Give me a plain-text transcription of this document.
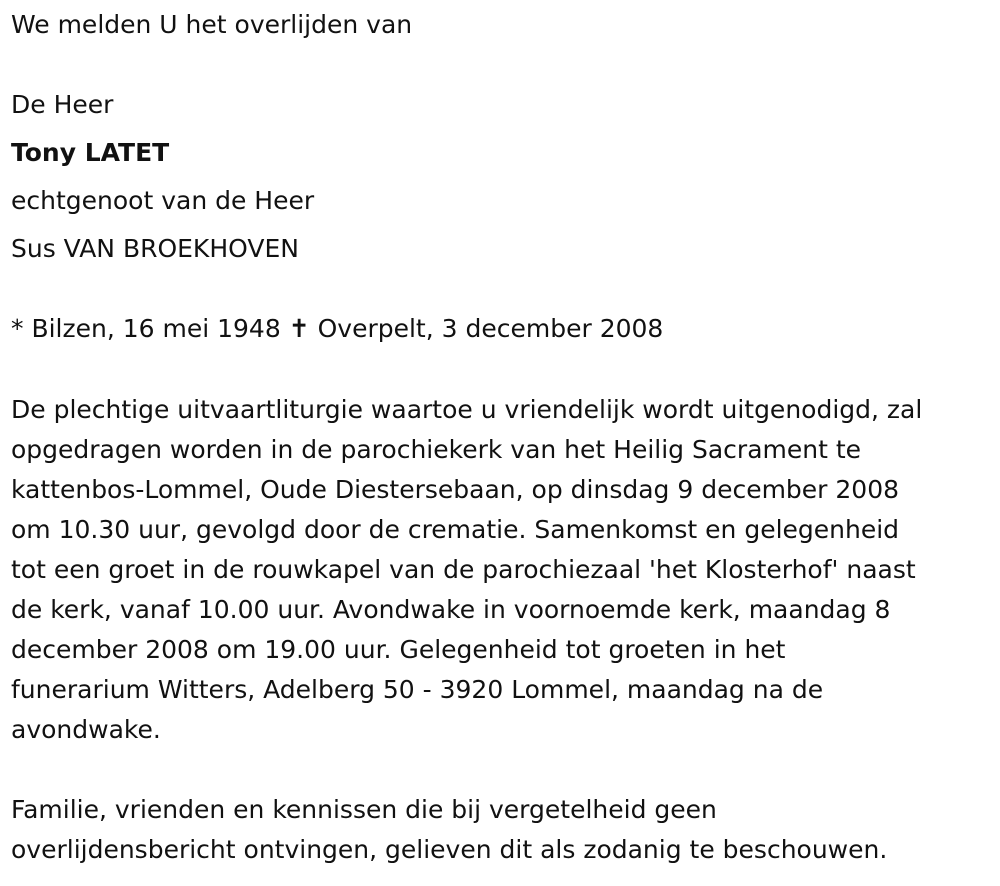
We melden U het overlijden van
De Heer
Tony LATET
echtgenoot van de Heer
Sus VAN BROEKHOVEN
* Bilzen, 16 mei 1948 ✝ Overpelt, 3 december 2008
De plechtige uitvaartliturgie waartoe u vriendelijk wordt uitgenodigd, zal
opgedragen worden in de parochiekerk van het Heilig Sacrament te
kattenbos-Lommel, Oude Diestersebaan, op dinsdag 9 december 2008
om 10.30 uur, gevolgd door de crematie. Samenkomst en gelegenheid
tot een groet in de rouwkapel van de parochiezaal 'het Klosterhof' naast
de kerk, vanaf 10.00 uur. Avondwake in voornoemde kerk, maandag 8
december 2008 om 19.00 uur. Gelegenheid tot groeten in het
funerarium Witters, Adelberg 50 - 3920 Lommel, maandag na de
avondwake.
Familie, vrienden en kennissen die bij vergetelheid geen
overlijdensbericht ontvingen, gelieven dit als zodanig te beschouwen.
